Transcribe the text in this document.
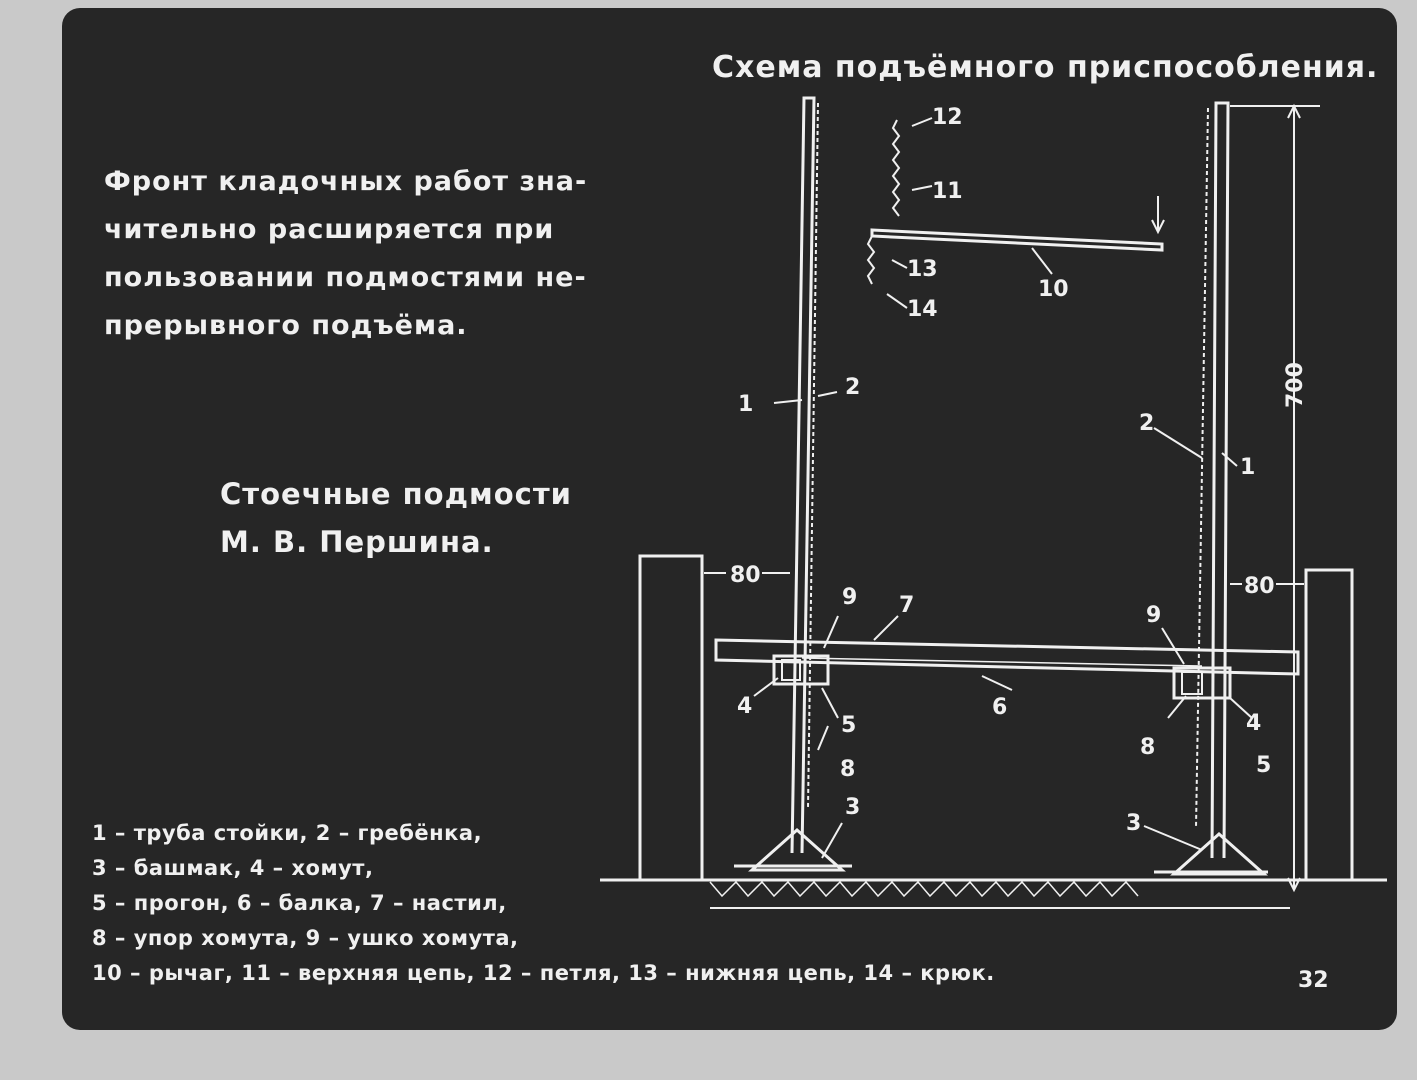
Схема подъёмного приспособления.
Фронт кладочных работ зна-
чительно расширяется при
пользовании подмостями не-
прерывного подъёма.
Стоечные подмости
М. В. Першина.
1 – труба стойки, 2 – гребёнка,
3 – башмак, 4 – хомут,
5 – прогон, 6 – балка, 7 – настил,
8 – упор хомута, 9 – ушко хомута,
10 – рычаг, 11 – верхняя цепь, 12 – петля, 13 – нижняя цепь, 14 – крюк.	32
1
2
2
1
3
3
4
4
5
5
6
7
8
8
9
9
10
11
12
13
14
80	80
700
